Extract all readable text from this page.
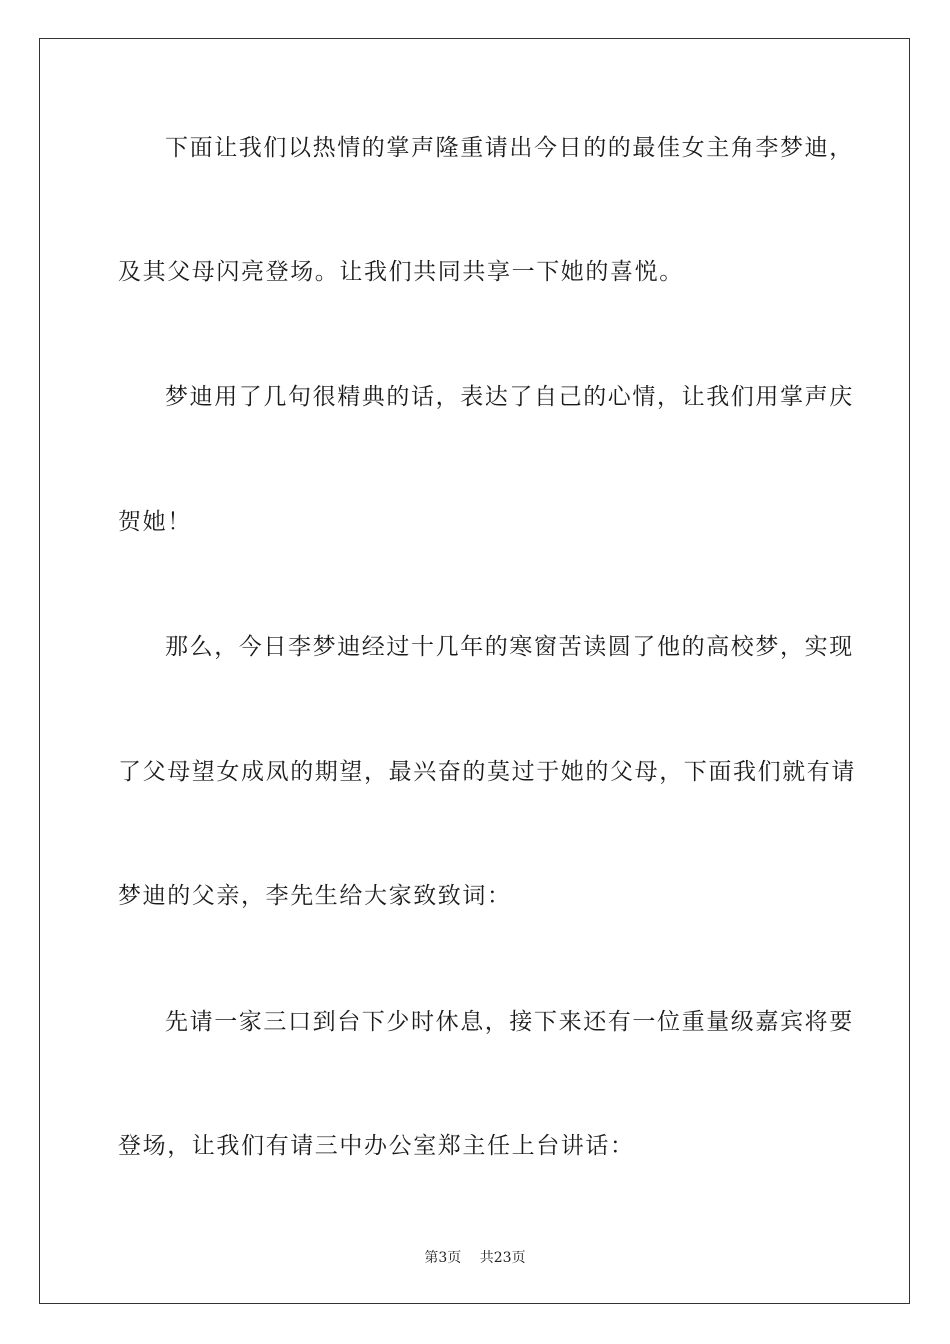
下面让我们以热情的掌声隆重请出今日的的最佳女主角李梦迪，
及其父母闪亮登场。让我们共同共享一下她的喜悦。
梦迪用了几句很精典的话，表达了自己的心情，让我们用掌声庆
贺她！
那么，今日李梦迪经过十几年的寒窗苦读圆了他的高校梦，实现
了父母望女成凤的期望，最兴奋的莫过于她的父母，下面我们就有请
梦迪的父亲，李先生给大家致致词：
先请一家三口到台下少时休息，接下来还有一位重量级嘉宾将要
登场，让我们有请三中办公室郑主任上台讲话：
第3页 共23页
